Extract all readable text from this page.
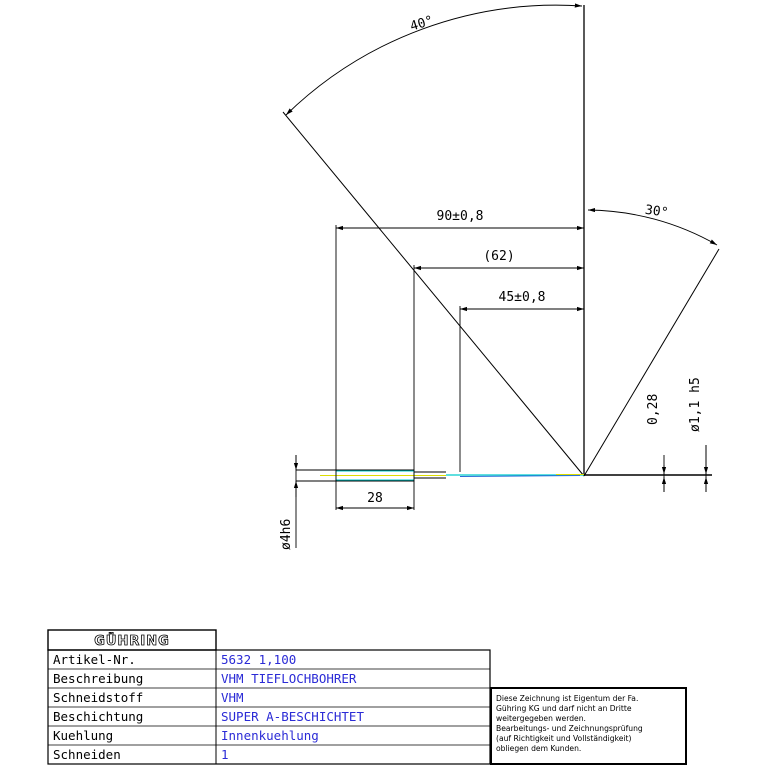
40°
30°
90±0,8
(62)
45±0,8
28
ø4h6
0,28 ø1,1 h5
GÜHRING
Artikel-Nr.
Beschreibung
Schneidstoff
Beschichtung
Kuehlung
Schneiden
5632 1,100
VHM TIEFLOCHBOHRER
VHM
SUPER A-BESCHICHTET
Innenkuehlung
1
Diese Zeichnung ist Eigentum der Fa.
Gühring KG und darf nicht an Dritte
weitergegeben werden.
Bearbeitungs- und Zeichnungsprüfung
(auf Richtigkeit und Vollständigkeit)
obliegen dem Kunden.
